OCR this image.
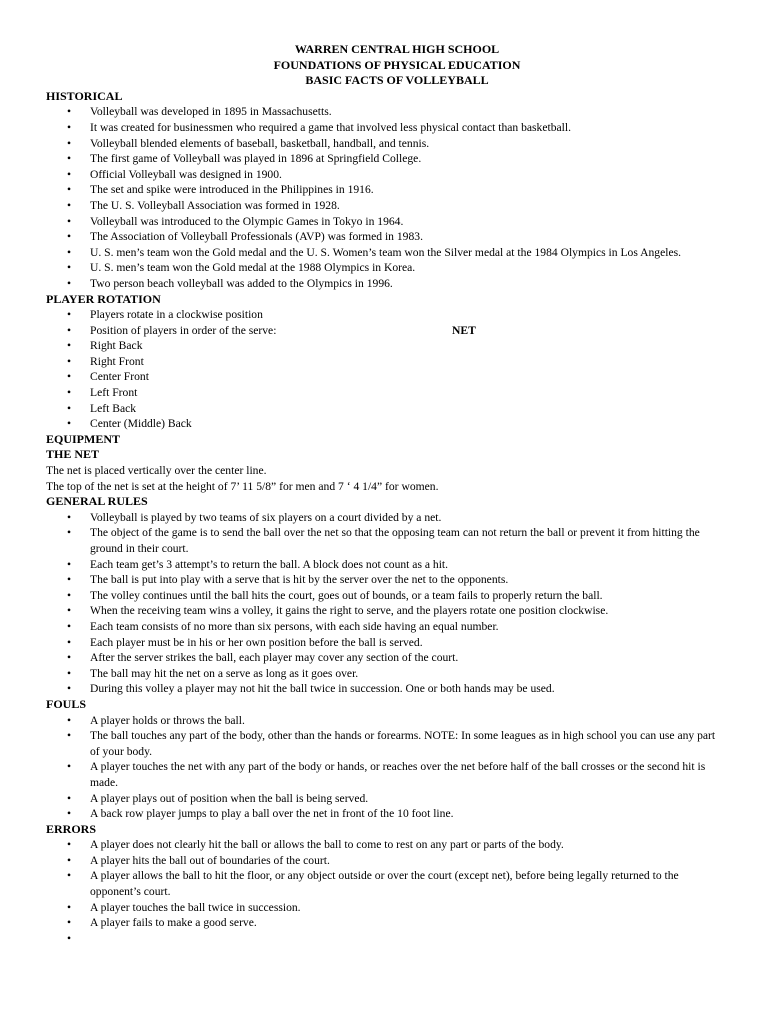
WARREN CENTRAL HIGH SCHOOL
FOUNDATIONS OF PHYSICAL EDUCATION
BASIC FACTS OF VOLLEYBALL
HISTORICAL
• Volleyball was developed in 1895 in Massachusetts.
• It was created for businessmen who required a game that involved less physical contact than basketball.
• Volleyball blended elements of baseball, basketball, handball, and tennis.
• The first game of Volleyball was played in 1896 at Springfield College.
• Official Volleyball was designed in 1900.
• The set and spike were introduced in the Philippines in 1916.
• The U. S. Volleyball Association was formed in 1928.
• Volleyball was introduced to the Olympic Games in Tokyo in 1964.
• The Association of Volleyball Professionals (AVP) was formed in 1983.
• U. S. men’s team won the Gold medal and the U. S. Women’s team won the Silver medal at the 1984 Olympics in Los Angeles.
• U. S. men’s team won the Gold medal at the 1988 Olympics in Korea.
• Two person beach volleyball was added to the Olympics in 1996.
PLAYER ROTATION
• Players rotate in a clockwise position
• Position of players in order of the serve:	NET
• Right Back
• Right Front
• Center Front
• Left Front
• Left Back
• Center (Middle) Back
EQUIPMENT
THE NET
The net is placed vertically over the center line.
The top of the net is set at the height of 7’ 11 5/8” for men and 7 ‘ 4 1/4” for women.
GENERAL RULES
• Volleyball is played by two teams of six players on a court divided by a net.
• The object of the game is to send the ball over the net so that the opposing team can not return the ball or prevent it from hitting the ground in their court.
• Each team get’s 3 attempt’s to return the ball. A block does not count as a hit.
• The ball is put into play with a serve that is hit by the server over the net to the opponents.
• The volley continues until the ball hits the court, goes out of bounds, or a team fails to properly return the ball.
• When the receiving team wins a volley, it gains the right to serve, and the players rotate one position clockwise.
• Each team consists of no more than six persons, with each side having an equal number.
• Each player must be in his or her own position before the ball is served.
• After the server strikes the ball, each player may cover any section of the court.
• The ball may hit the net on a serve as long as it goes over.
• During this volley a player may not hit the ball twice in succession. One or both hands may be used.
FOULS
• A player holds or throws the ball.
• The ball touches any part of the body, other than the hands or forearms. NOTE: In some leagues as in high school you can use any part of your body.
• A player touches the net with any part of the body or hands, or reaches over the net before half of the ball crosses or the second hit is made.
• A player plays out of position when the ball is being served.
• A back row player jumps to play a ball over the net in front of the 10 foot line.
ERRORS
• A player does not clearly hit the ball or allows the ball to come to rest on any part or parts of the body.
• A player hits the ball out of boundaries of the court.
• A player allows the ball to hit the floor, or any object outside or over the court (except net), before being legally returned to the opponent’s court.
• A player touches the ball twice in succession.
• A player fails to make a good serve.
•
